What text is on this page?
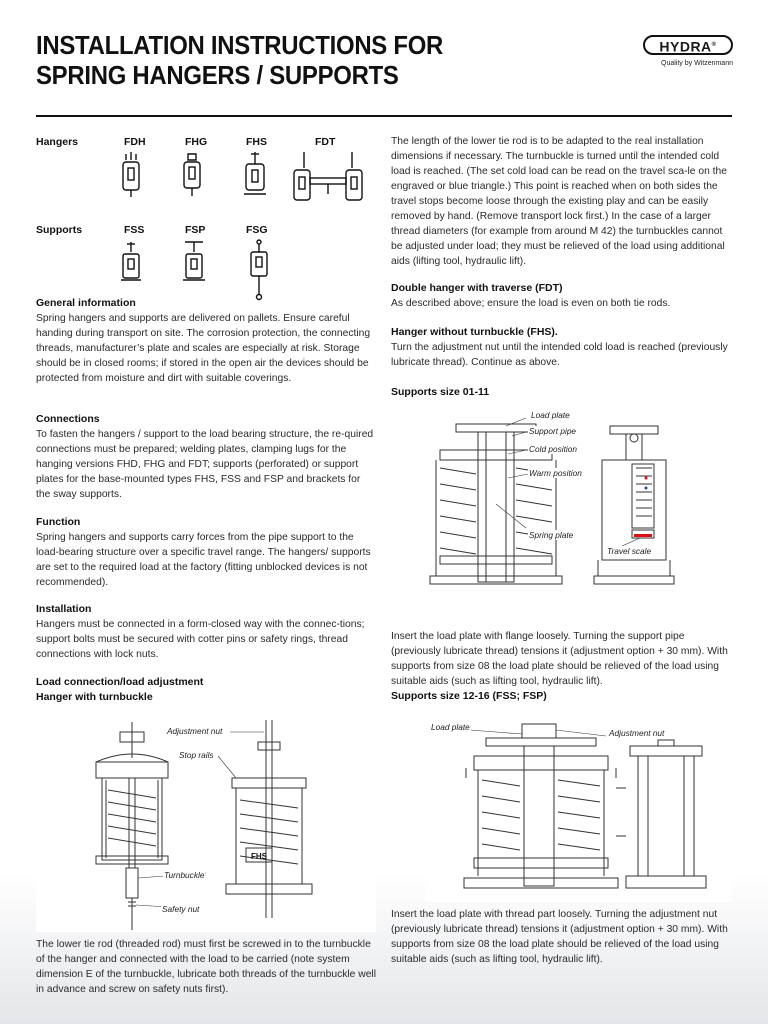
INSTALLATION INSTRUCTIONS FOR
SPRING HANGERS / SUPPORTS
HYDRA®
Quality by Witzenmann
Hangers	FDH	FHG	FHS	FDT
Supports	FSS	FSP	FSG
General information
Spring hangers and supports are delivered on pallets. Ensure careful handing during transport on site. The corrosion protection, the connecting threads, manufacturer’s plate and scales are especially at risk. Storage should be in closed rooms; if stored in the open air the devices should be protected from moisture and dirt with suitable coverings.
Connections
To fasten the hangers / support to the load bearing structure, the re-quired connections must be prepared; welding plates, clamping lugs for the hanging versions FHD, FHG and FDT; supports (perforated) or support plates for the base-mounted types FHS, FSS and FSP and brackets for the sway supports.
Function
Spring hangers and supports carry forces from the pipe support to the load-bearing structure over a specific travel range. The hangers/ supports are set to the required load at the factory (fitting unblocked devices is not recommended).
Installation
Hangers must be connected in a form-closed way with the connec-tions; support bolts must be secured with cotter pins or safety rings, thread connections with lock nuts.
Load connection/load adjustment
Hanger with turnbuckle
FHS
Adjustment nut
Stop rails
Turnbuckle
Safety nut
The lower tie rod (threaded rod) must first be screwed in to the turnbuckle of the hanger and connected with the load to be carried (note system dimension E of the turnbuckle, lubricate both threads of the turnbuckle well in advance and screw on safety nuts first).
The length of the lower tie rod is to be adapted to the real installation dimensions if necessary. The turnbuckle is turned until the intended cold load is reached. (The set cold load can be read on the travel sca-le on the engraved or blue triangle.) This point is reached when on both sides the travel stops become loose through the existing play and can be easily removed by hand. (Remove transport lock first.) In the case of a larger thread diameters (for example from around M 42) the turnbuckles cannot be adjusted under load; they must be relieved of the load using additional aids (lifting tool, hydraulic lift).
Double hanger with traverse (FDT)
As described above; ensure the load is even on both tie rods.
Hanger without turnbuckle (FHS).
Turn the adjustment nut until the intended cold load is reached (previously lubricate thread). Continue as above.
Supports size 01-11
Load plate
Support pipe
Cold position
Warm position
Spring plate
Travel scale
Insert the load plate with flange loosely. Turning the support pipe (previously lubricate thread) tensions it (adjustment option + 30 mm). With supports from size 08 the load plate should be relieved of the load using suitable aids (such as lifting tool, hydraulic lift).
Supports size 12-16 (FSS; FSP)
Load plate
Adjustment nut
Insert the load plate with thread part loosely. Turning the adjustment nut (previously lubricate thread) tensions it (adjustment option + 30 mm). With supports from size 08 the load plate should be relieved of the load using suitable aids (such as lifting tool, hydraulic lift).
